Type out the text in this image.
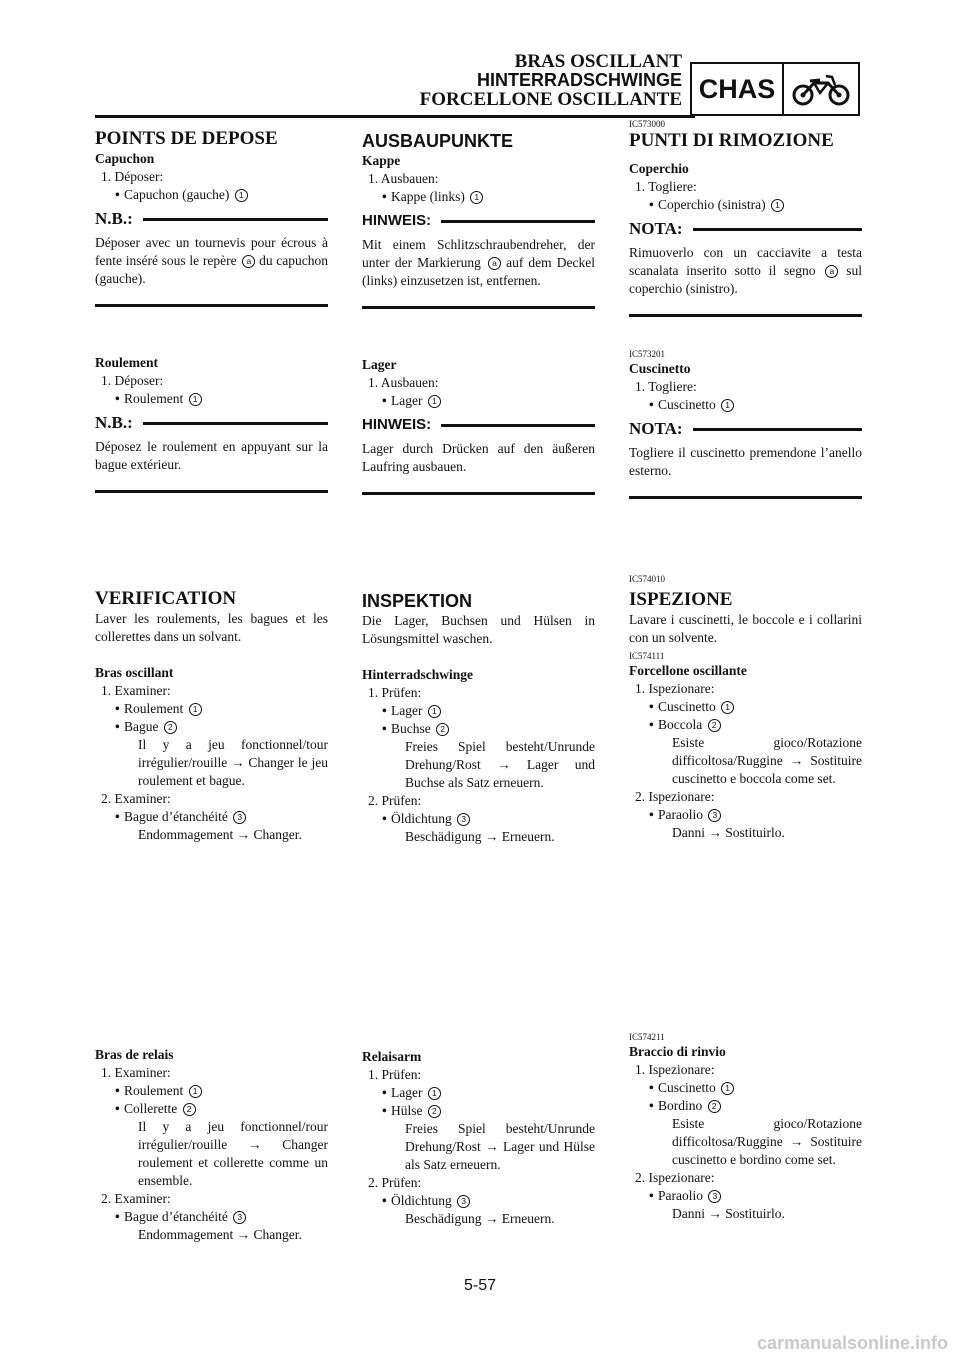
BRAS OSCILLANT
HINTERRADSCHWINGE
FORCELLONE OSCILLANTE CHAS
POINTS DE DEPOSE
Capuchon
1. Déposer:
• Capuchon (gauche) 1
N.B.:
Déposer avec un tournevis pour écrous à fente inséré sous le repère a du capuchon (gauche).
Roulement
1. Déposer:
• Roulement 1
N.B.:
Déposez le roulement en appuyant sur la bague extérieur.
VERIFICATION
Laver les roulements, les bagues et les collerettes dans un solvant.
Bras oscillant
1. Examiner:
• Roulement 1
• Bague 2
Il y a jeu fonctionnel/tour irrégulier/rouille → Changer le jeu roulement et bague.
2. Examiner:
• Bague d’étanchéité 3
Endommagement → Changer.
Bras de relais
1. Examiner:
• Roulement 1
• Collerette 2
Il y a jeu fonctionnel/rour irrégulier/rouille → Changer roulement et collerette comme un ensemble.
2. Examiner:
• Bague d’étanchéité 3
Endommagement → Changer.
AUSBAUPUNKTE
Kappe
1. Ausbauen:
• Kappe (links) 1
HINWEIS:
Mit einem Schlitzschraubendreher, der unter der Markierung a auf dem Deckel (links) einzusetzen ist, entfernen.
Lager
1. Ausbauen:
• Lager 1
HINWEIS:
Lager durch Drücken auf den äußeren Laufring ausbauen.
INSPEKTION
Die Lager, Buchsen und Hülsen in Lösungsmittel waschen.
Hinterradschwinge
1. Prüfen:
• Lager 1
• Buchse 2
Freies Spiel besteht/Unrunde Drehung/Rost → Lager und Buchse als Satz erneuern.
2. Prüfen:
• Öldichtung 3
Beschädigung → Erneuern.
Relaisarm
1. Prüfen:
• Lager 1
• Hülse 2
Freies Spiel besteht/Unrunde Drehung/Rost → Lager und Hülse als Satz erneuern.
2. Prüfen:
• Öldichtung 3
Beschädigung → Erneuern.
IC573000
PUNTI DI RIMOZIONE
Coperchio
1. Togliere:
• Coperchio (sinistra) 1
NOTA:
Rimuoverlo con un cacciavite a testa scanalata inserito sotto il segno a sul coperchio (sinistro).
IC573201
Cuscinetto
1. Togliere:
• Cuscinetto 1
NOTA:
Togliere il cuscinetto premendone l’anello esterno.
IC574010
ISPEZIONE
Lavare i cuscinetti, le boccole e i collarini con un solvente.
IC574111
Forcellone oscillante
1. Ispezionare:
• Cuscinetto 1
• Boccola 2
Esiste gioco/Rotazione difficoltosa/Ruggine → Sostituire cuscinetto e boccola come set.
2. Ispezionare:
• Paraolio 3
Danni → Sostituirlo.
IC574211
Braccio di rinvio
1. Ispezionare:
• Cuscinetto 1
• Bordino 2
Esiste gioco/Rotazione difficoltosa/Ruggine → Sostituire cuscinetto e bordino come set.
2. Ispezionare:
• Paraolio 3
Danni → Sostituirlo.
5-57
carmanualsonline.info
